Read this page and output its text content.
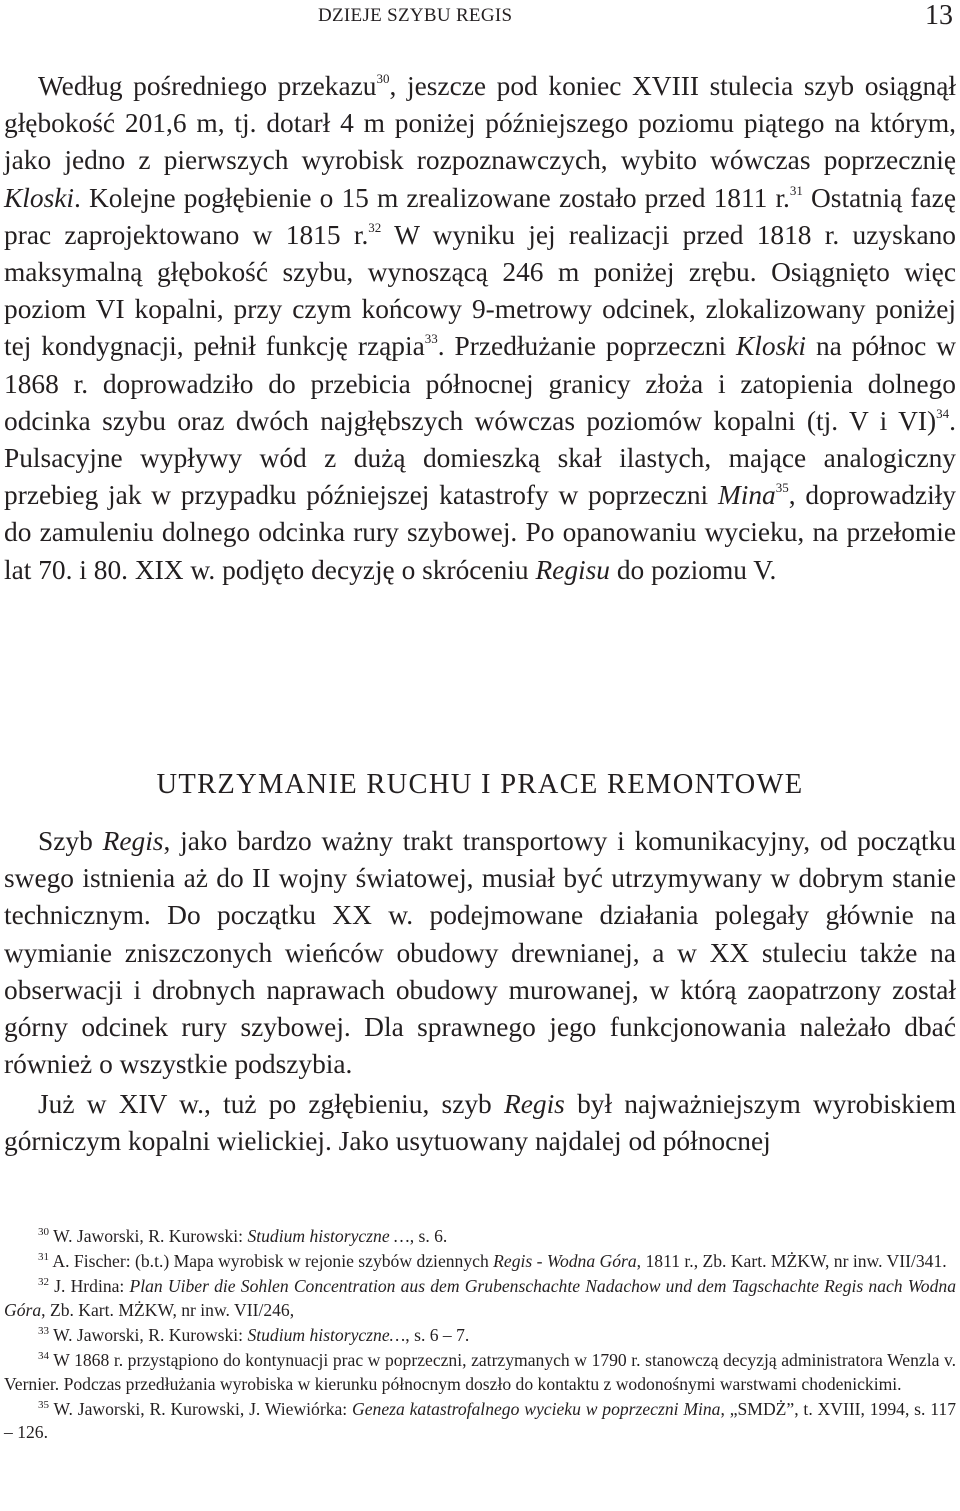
DZIEJE SZYBU REGIS	13

Według pośredniego przekazu$^{30}$, jeszcze pod koniec XVIII stulecia szyb osiągnął głębokość 201,6 m, tj. dotarł 4 m poniżej późniejszego poziomu piątego na którym, jako jedno z pierwszych wyrobisk rozpoznawczych, wybito wówczas poprzecznię Kloski. Kolejne pogłębienie o 15 m zrealizowane zostało przed 1811 r.$^{31}$ Ostatnią fazę prac zaprojektowano w 1815 r.$^{32}$ W wyniku jej realizacji przed 1818 r. uzyskano maksymalną głębokość szybu, wynoszącą 246 m poniżej zrębu. Osiągnięto więc poziom VI kopalni, przy czym końcowy 9-metrowy odcinek, zlokalizowany poniżej tej kondygnacji, pełnił funkcję rząpia$^{33}$. Przedłużanie poprzeczni Kloski na północ w 1868 r. doprowadziło do przebicia północnej granicy złoża i zatopienia dolnego odcinka szybu oraz dwóch najgłębszych wówczas poziomów kopalni (tj. V i VI)$^{34}$. Pulsacyjne wypływy wód z dużą domieszką skał ilastych, mające analogiczny przebieg jak w przypadku późniejszej katastrofy w poprzeczni Mina$^{35}$, doprowadziły do zamuleniu dolnego odcinka rury szybowej. Po opanowaniu wycieku, na przełomie lat 70. i 80. XIX w. podjęto decyzję o skróceniu Regisu do poziomu V.

UTRZYMANIE RUCHU I PRACE REMONTOWE

Szyb Regis, jako bardzo ważny trakt transportowy i komunikacyjny, od początku swego istnienia aż do II wojny światowej, musiał być utrzymywany w dobrym stanie technicznym. Do początku XX w. podejmowane działania polegały głównie na wymianie zniszczonych wieńców obudowy drewnianej, a w XX stuleciu także na obserwacji i drobnych naprawach obudowy murowanej, w którą zaopatrzony został górny odcinek rury szybowej. Dla sprawnego jego funkcjonowania należało dbać również o wszystkie podszybia.

Już w XIV w., tuż po zgłębieniu, szyb Regis był najważniejszym wyrobiskiem górniczym kopalni wielickiej. Jako usytuowany najdalej od północnej

$^{30}$ W. Jaworski, R. Kurowski: Studium historyczne …, s. 6.

$^{31}$ A. Fischer: (b.t.) Mapa wyrobisk w rejonie szybów dziennych Regis - Wodna Góra, 1811 r., Zb. Kart. MŻKW, nr inw. VII/341.

$^{32}$ J. Hrdina: Plan Uiber die Sohlen Concentration aus dem Grubenschachte Nadachow und dem Tagschachte Regis nach Wodna Góra, Zb. Kart. MŻKW, nr inw. VII/246,

$^{33}$ W. Jaworski, R. Kurowski: Studium historyczne…, s. 6 – 7.

$^{34}$ W 1868 r. przystąpiono do kontynuacji prac w poprzeczni, zatrzymanych w 1790 r. stanowczą decyzją administratora Wenzla v. Vernier. Podczas przedłużania wyrobiska w kierunku północnym doszło do kontaktu z wodonośnymi warstwami chodenickimi.

$^{35}$ W. Jaworski, R. Kurowski, J. Wiewiórka: Geneza katastrofalnego wycieku w poprzeczni Mina, „SMDŻ”, t. XVIII, 1994, s. 117 – 126.
